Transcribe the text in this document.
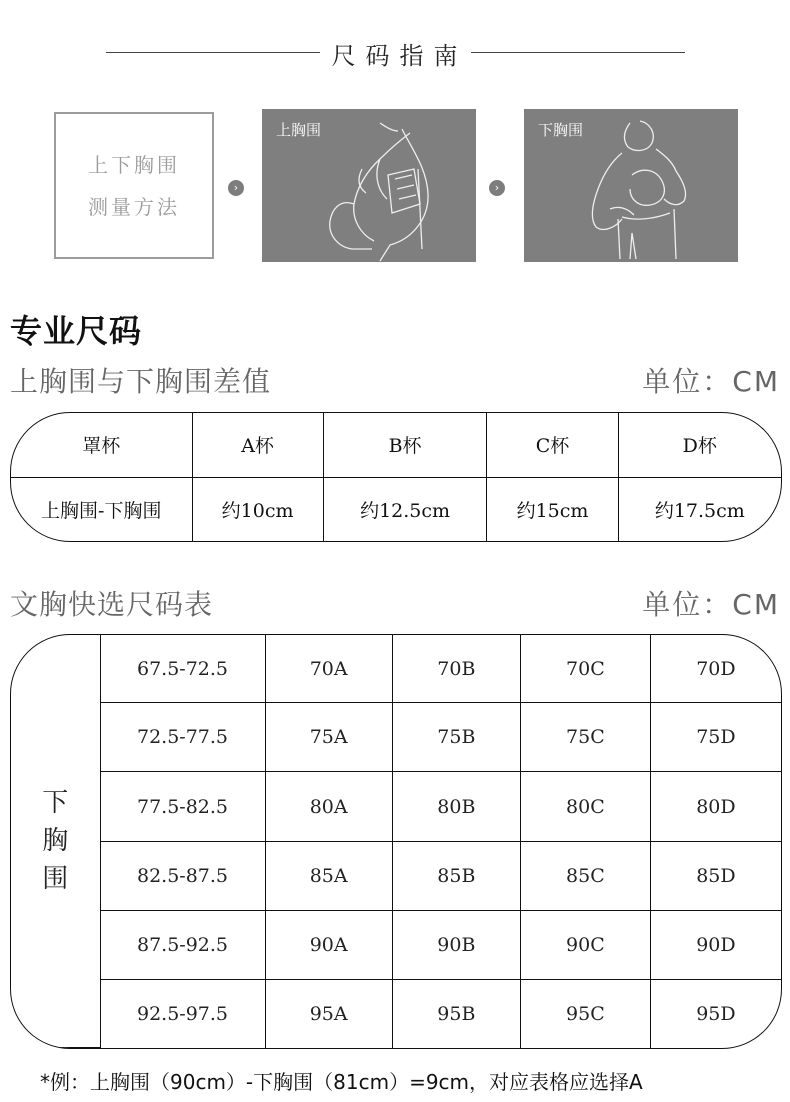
尺码指南
上下胸围
测量方法
›
上胸围
›
下胸围
专业尺码
上胸围与下胸围差值	单位：CM
罩杯	A杯	B杯	C杯	D杯
上胸围-下胸围	约10cm	约12.5cm	约15cm	约17.5cm
文胸快选尺码表	单位：CM
下胸围	67.5-72.5	70A	70B	70C	70D
	72.5-77.5	75A	75B	75C	75D
	77.5-82.5	80A	80B	80C	80D
	82.5-87.5	85A	85B	85C	85D
	87.5-92.5	90A	90B	90C	90D
	92.5-97.5	95A	95B	95C	95D
*例：上胸围（90cm）-下胸围（81cm）=9cm，对应表格应选择A
